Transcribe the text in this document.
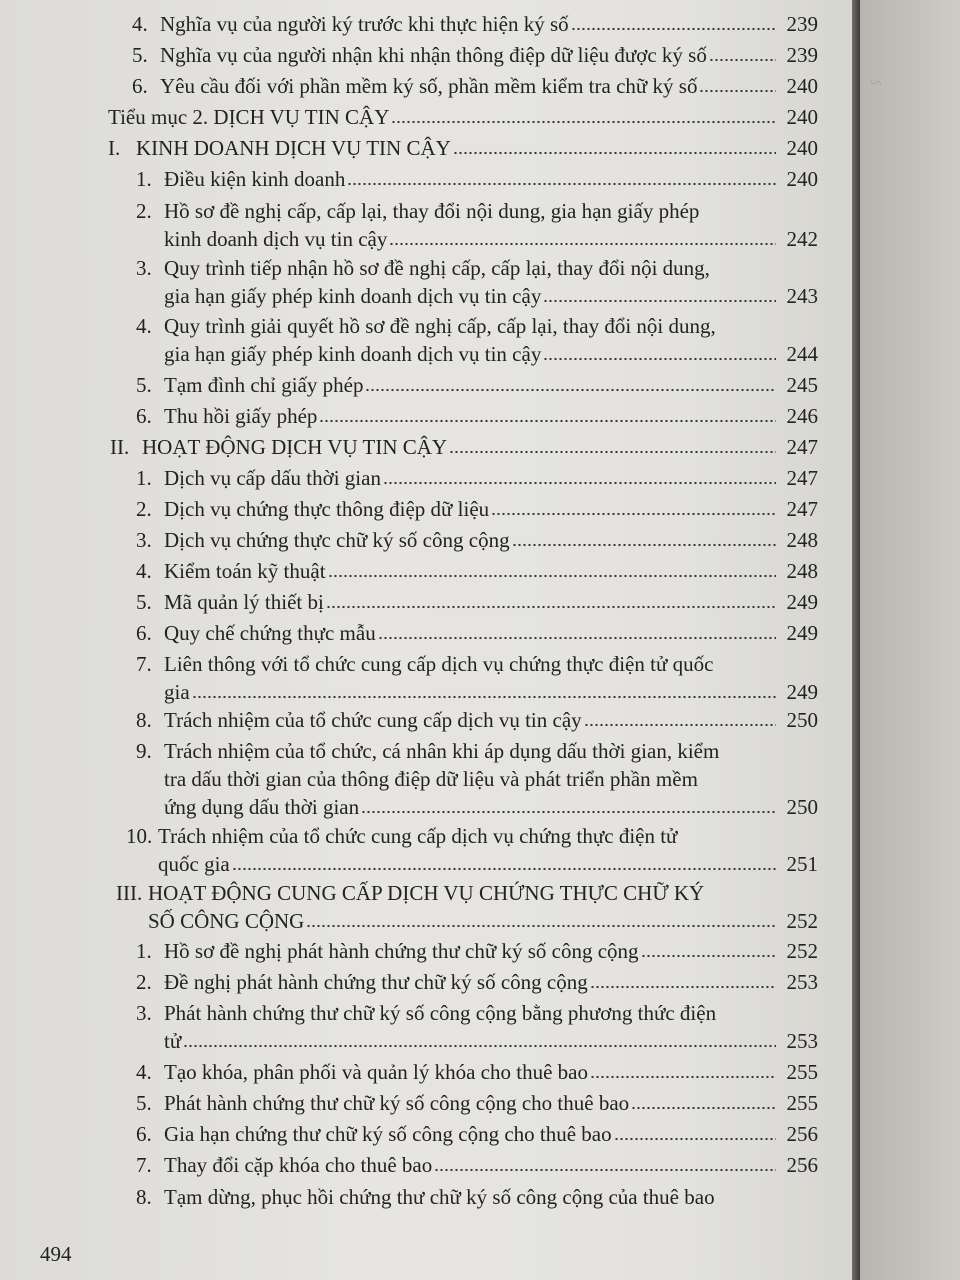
4. Nghĩa vụ của người ký trước khi thực hiện ký số	239
5. Nghĩa vụ của người nhận khi nhận thông điệp dữ liệu được ký số	239
6. Yêu cầu đối với phần mềm ký số, phần mềm kiểm tra chữ ký số	240
Tiểu mục 2. DỊCH VỤ TIN CẬY	240
I. KINH DOANH DỊCH VỤ TIN CẬY	240
1. Điều kiện kinh doanh	240
2. Hồ sơ đề nghị cấp, cấp lại, thay đổi nội dung, gia hạn giấy phép
kinh doanh dịch vụ tin cậy	242
3. Quy trình tiếp nhận hồ sơ đề nghị cấp, cấp lại, thay đổi nội dung,
gia hạn giấy phép kinh doanh dịch vụ tin cậy	243
4. Quy trình giải quyết hồ sơ đề nghị cấp, cấp lại, thay đổi nội dung,
gia hạn giấy phép kinh doanh dịch vụ tin cậy	244
5. Tạm đình chỉ giấy phép	245
6. Thu hồi giấy phép	246
II. HOẠT ĐỘNG DỊCH VỤ TIN CẬY	247
1. Dịch vụ cấp dấu thời gian	247
2. Dịch vụ chứng thực thông điệp dữ liệu	247
3. Dịch vụ chứng thực chữ ký số công cộng	248
4. Kiểm toán kỹ thuật	248
5. Mã quản lý thiết bị	249
6. Quy chế chứng thực mẫu	249
7. Liên thông với tổ chức cung cấp dịch vụ chứng thực điện tử quốc
gia	249
8. Trách nhiệm của tổ chức cung cấp dịch vụ tin cậy	250
9. Trách nhiệm của tổ chức, cá nhân khi áp dụng dấu thời gian, kiểm
tra dấu thời gian của thông điệp dữ liệu và phát triển phần mềm
ứng dụng dấu thời gian	250
10. Trách nhiệm của tổ chức cung cấp dịch vụ chứng thực điện tử
quốc gia	251
III. HOẠT ĐỘNG CUNG CẤP DỊCH VỤ CHỨNG THỰC CHỮ KÝ
SỐ CÔNG CỘNG	252
1. Hồ sơ đề nghị phát hành chứng thư chữ ký số công cộng	252
2. Đề nghị phát hành chứng thư chữ ký số công cộng	253
3. Phát hành chứng thư chữ ký số công cộng bằng phương thức điện
tử	253
4. Tạo khóa, phân phối và quản lý khóa cho thuê bao	255
5. Phát hành chứng thư chữ ký số công cộng cho thuê bao	255
6. Gia hạn chứng thư chữ ký số công cộng cho thuê bao	256
7. Thay đổi cặp khóa cho thuê bao	256
8. Tạm dừng, phục hồi chứng thư chữ ký số công cộng của thuê bao
494
~
